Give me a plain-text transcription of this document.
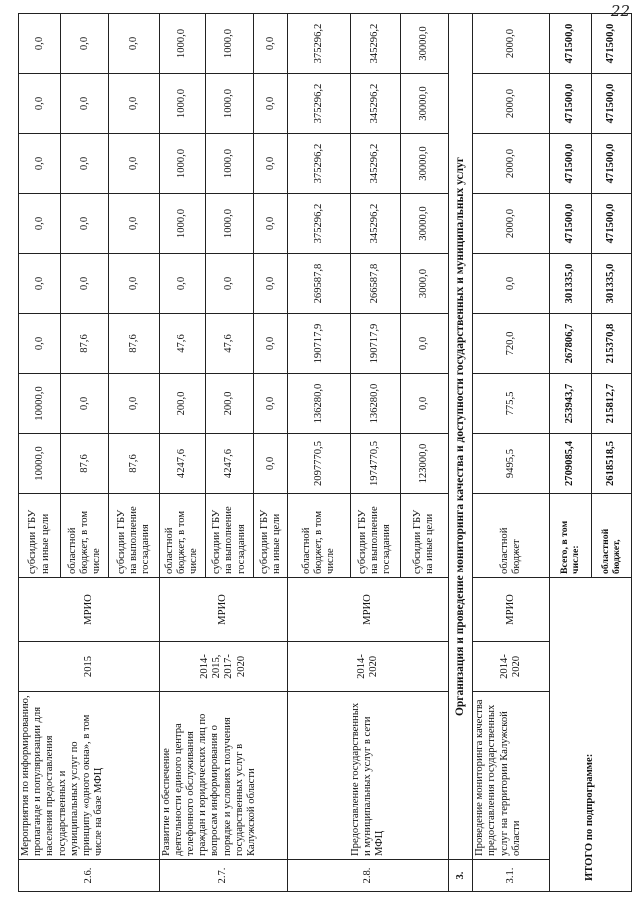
22
2.6.	Мероприятия по информированию, пропаганде и популяризации для населения предоставления государственных и муниципальных услуг по принципу «одного окна», в том числе на базе МФЦ	2015	МРИО	субсидии ГБУ на иные цели	10000,0	10000,0	0,0	0,0	0,0	0,0	0,0	0,0
				областной бюджет, в том числе	87,6	0,0	87,6	0,0	0,0	0,0	0,0	0,0
				субсидии ГБУ на выполнение госзадания	87,6	0,0	87,6	0,0	0,0	0,0	0,0	0,0
2.7.	Развитие и обеспечение деятельности единого центра телефонного обслуживания граждан и юридических лиц по вопросам информирования о порядке и условиях получения государственных услуг в Калужской области	2014-2015, 2017-2020	МРИО	областной бюджет, в том числе	4247,6	200,0	47,6	0,0	1000,0	1000,0	1000,0	1000,0
				субсидии ГБУ на выполнение госзадания	4247,6	200,0	47,6	0,0	1000,0	1000,0	1000,0	1000,0
				субсидии ГБУ на иные цели	0,0	0,0	0,0	0,0	0,0	0,0	0,0	0,0
2.8.	Предоставление государственных и муниципальных услуг в сети МФЦ	2014-2020	МРИО	областной бюджет, в том числе	2097770,5	136280,0	190717,9	269587,8	375296,2	375296,2	375296,2	375296,2
				субсидии ГБУ на выполнение госзадания	1974770,5	136280,0	190717,9	266587,8	345296,2	345296,2	345296,2	345296,2
				субсидии ГБУ на иные цели	123000,0	0,0	0,0	3000,0	30000,0	30000,0	30000,0	30000,0
3.	Организация и проведение мониторинга качества и доступности государственных и муниципальных услуг											
3.1.	Проведение мониторинга качества предоставления государственных услуг на территории Калужской области	2014-2020	МРИО	областной бюджет	9495,5	775,5	720,0	0,0	2000,0	2000,0	2000,0	2000,0
ИТОГО по подпрограмме:				Всего, в том числе:	2709085,4	253943,7	267806,7	301335,0	471500,0	471500,0	471500,0	471500,0
				областной бюджет,	2618518,5	215812,7	215370,8	301335,0	471500,0	471500,0	471500,0	471500,0
